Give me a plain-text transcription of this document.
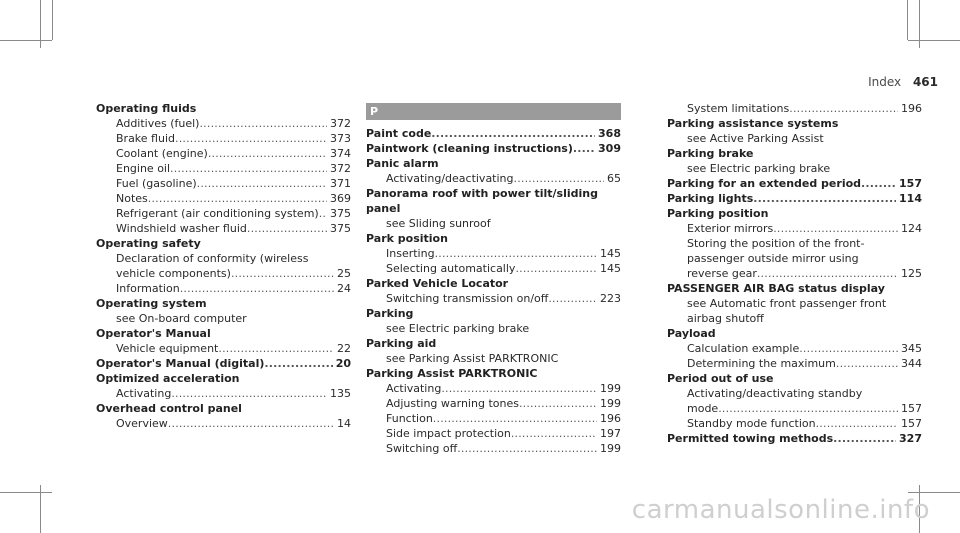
Index 461
Operating fluids
Additives (fuel) .....	372
Brake fluid .....	373
Coolant (engine) .....	374
Engine oil .....	372
Fuel (gasoline) .....	371
Notes .....	369
Refrigerant (air conditioning system) ..... 375
Windshield washer fluid .....	375
Operating safety
Declaration of conformity (wireless
vehicle components) .....	25
Information .....	24
Operating system
see On-board computer
Operator's Manual
Vehicle equipment .....	22
Operator's Manual (digital) .....	20
Optimized acceleration
Activating .....	135
Overhead control panel
Overview .....	14
P
Paint code .....	368
Paintwork (cleaning instructions) ..... 309
Panic alarm
Activating/deactivating .....	65
Panorama roof with power tilt/sliding
panel
see Sliding sunroof
Park position
Inserting .....	145
Selecting automatically .....	145
Parked Vehicle Locator
Switching transmission on/off .....	223
Parking
see Electric parking brake
Parking aid
see Parking Assist PARKTRONIC
Parking Assist PARKTRONIC
Activating .....	199
Adjusting warning tones .....	199
Function .....	196
Side impact protection .....	197
Switching off .....	199
System limitations .....	196
Parking assistance systems
see Active Parking Assist
Parking brake
see Electric parking brake
Parking for an extended period .....	157
Parking lights .....	114
Parking position
Exterior mirrors .....	124
Storing the position of the front-
passenger outside mirror using
reverse gear .....	125
PASSENGER AIR BAG status display
see Automatic front passenger front
airbag shutoff
Payload
Calculation example .....	345
Determining the maximum .....	344
Period out of use
Activating/deactivating standby
mode .....	157
Standby mode function .....	157
Permitted towing methods .....	327
carmanualsonline.info
